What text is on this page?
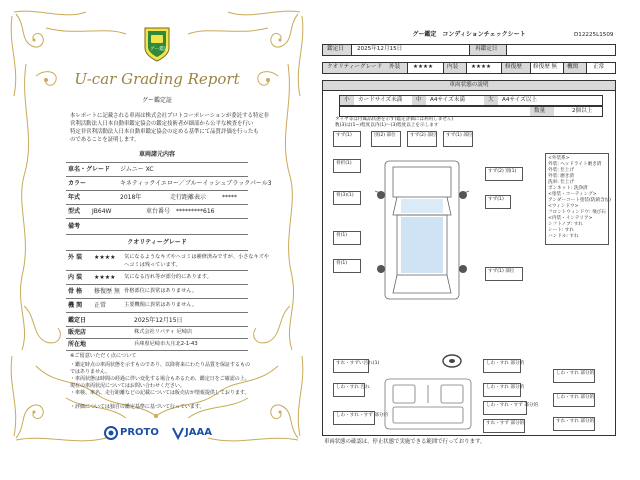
グー鑑定
U-car Grading Report
グー鑑定証
本レポートに記載される車両は株式会社プロトコーポレーションが委託する特定非
営利活動法人日本自動車鑑定協会の鑑定技術者が細部から公平な検査を行い
特定非営利活動法人日本自動車鑑定協会の定める基準にて品質評価を行ったも
のであることを証明します。
車両諸元内容
車名・グレード ジムニー XC
カラー	キネティックイエロー／ブルーイッシュブラックパール3
年式	2018年	走行距離表示	*****
型式 JB64W	車台番号 *********616
備考
クオリティーグレード
外 装 ★★★★ 気になるようなキズやヘコミは補修済みですが、小さなキズや
ヘコミは残っています。
内 装 ★★★★ 気になる汚れ等が部分的にあります。
骨 格 修復歴 無 骨格部位に異常はありません。
機 関 正常	主要機関に異常はありません。
鑑定日	2025年12月15日
販売店	株式会社リバティ 尼崎店
所在地	兵庫県尼崎市大庄北2-1-43
※ご留意いただく点について
・鑑定時点の車両状態を示すものであり、以降将来にわたり品質を保証するものではありません。
・車両状態は時間の経過に伴い変化する場合もあるため、鑑定日をご確認の上、現在の車両状況についてはお問い合わせください。
・車検、車名、走行距離などの記載については販売店が情報提供しております。
・評価については独自の鑑定基準に基づいて行っています。
PROTO	JAAA
グー鑑定　コンディションチェックシート	D12225L1509
鑑定日 2025年12月15日	再鑑定日
クオリティーグレード 外装 ★★★★ 内装 ★★★★ 修復歴 修復歴 無 機関	正常
車両状態の説明
小 カードサイズ未満 中 A4サイズ未満	大 A4サイズ以上
数量	2個以上
タイヤ等は付属品状態を示す(鑑定評価には利用しません)
数(3)は(1~)程度以内(1)～(3)程度以上を示します
すず(1)
骨折(1)
骨(3)(1)
骨(1)
骨(1)
別(2) 部位	すず(2) 部位 すず(1) 部位
すず(2) 別(1)
すず(1)
すず(1) 部位
<外装系>
外装: ヘッドライト磨き済
外装: 仕上げ
外装: 磨き済
洗車: 仕上げ
ボンネット: 洗浄済
<塗装・コーティング>
アンダーコート塗装(防錆含む)
<ウィンドウ>
フロントウィンドウ: 飛び石
<内装・インテリア>
シフトノブ: すれ
シート: すれ
ハンドル: すれ
すれ・すずい汚れ(1)
しわ・すれ 汚れ
しわ・すれ・すず 部分的
しわ・すれ 部分的
しわ・すれ 部分的
しわ・すれ・すず 部分的
しわ・すれ 部分的
しわ・すれ 部分的
すれ・すれ 部分的
すれ・すず 部分的
車両状態の確認は、停止状態で実施できる範囲で行っております。
